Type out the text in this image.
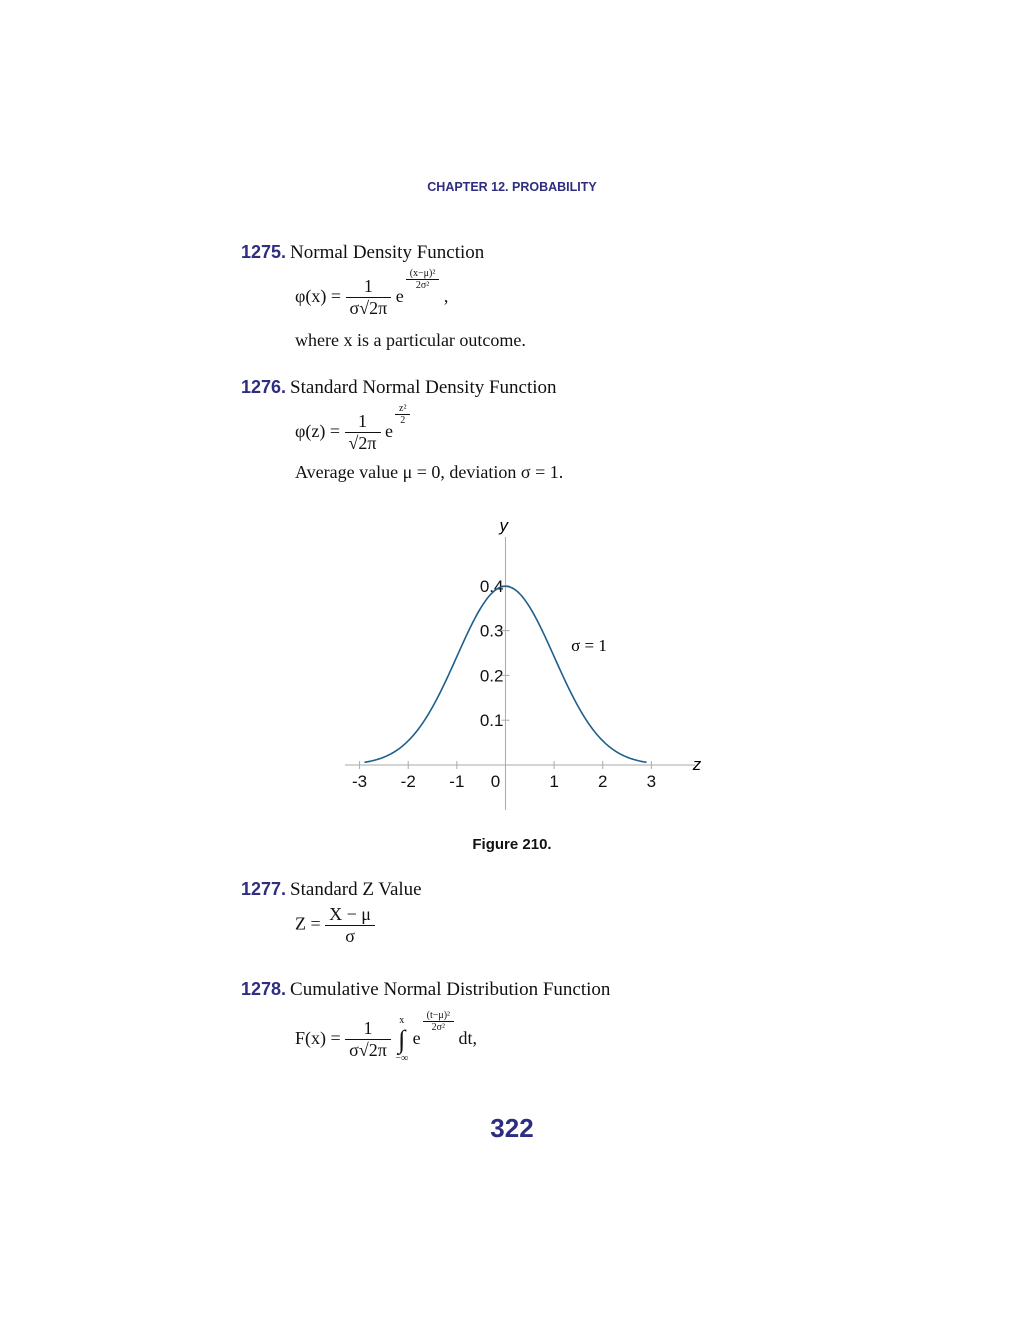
CHAPTER 12. PROBABILITY
1275. Normal Density Function
$\varphi(x) = \frac{1}{\sigma√2\pi}$ e
$\frac{\text{(x−μ)²}}{\text{2σ²}}$
,
where x is a particular outcome.
1276. Standard Normal Density Function
$\varphi(z) = \frac{1}{√2\pi}$ e
$\frac{\text{z²}}{2}$
Average value μ = 0, deviation σ = 1.
-3 -2 -1 0	1 2 3
0.1
0.2
0.3
0.4
z
y
σ = 1
Figure 210.
1277. Standard Z Value
$Z = \frac{X - \mu}{\sigma}$
1278. Cumulative Normal Distribution Function
$F(x) = \frac{1}{\sigma√2\pi}$
x
∫
−∞
e
$\frac{\text{(t−μ)²}}{\text{2σ²}}$
dt,
322
